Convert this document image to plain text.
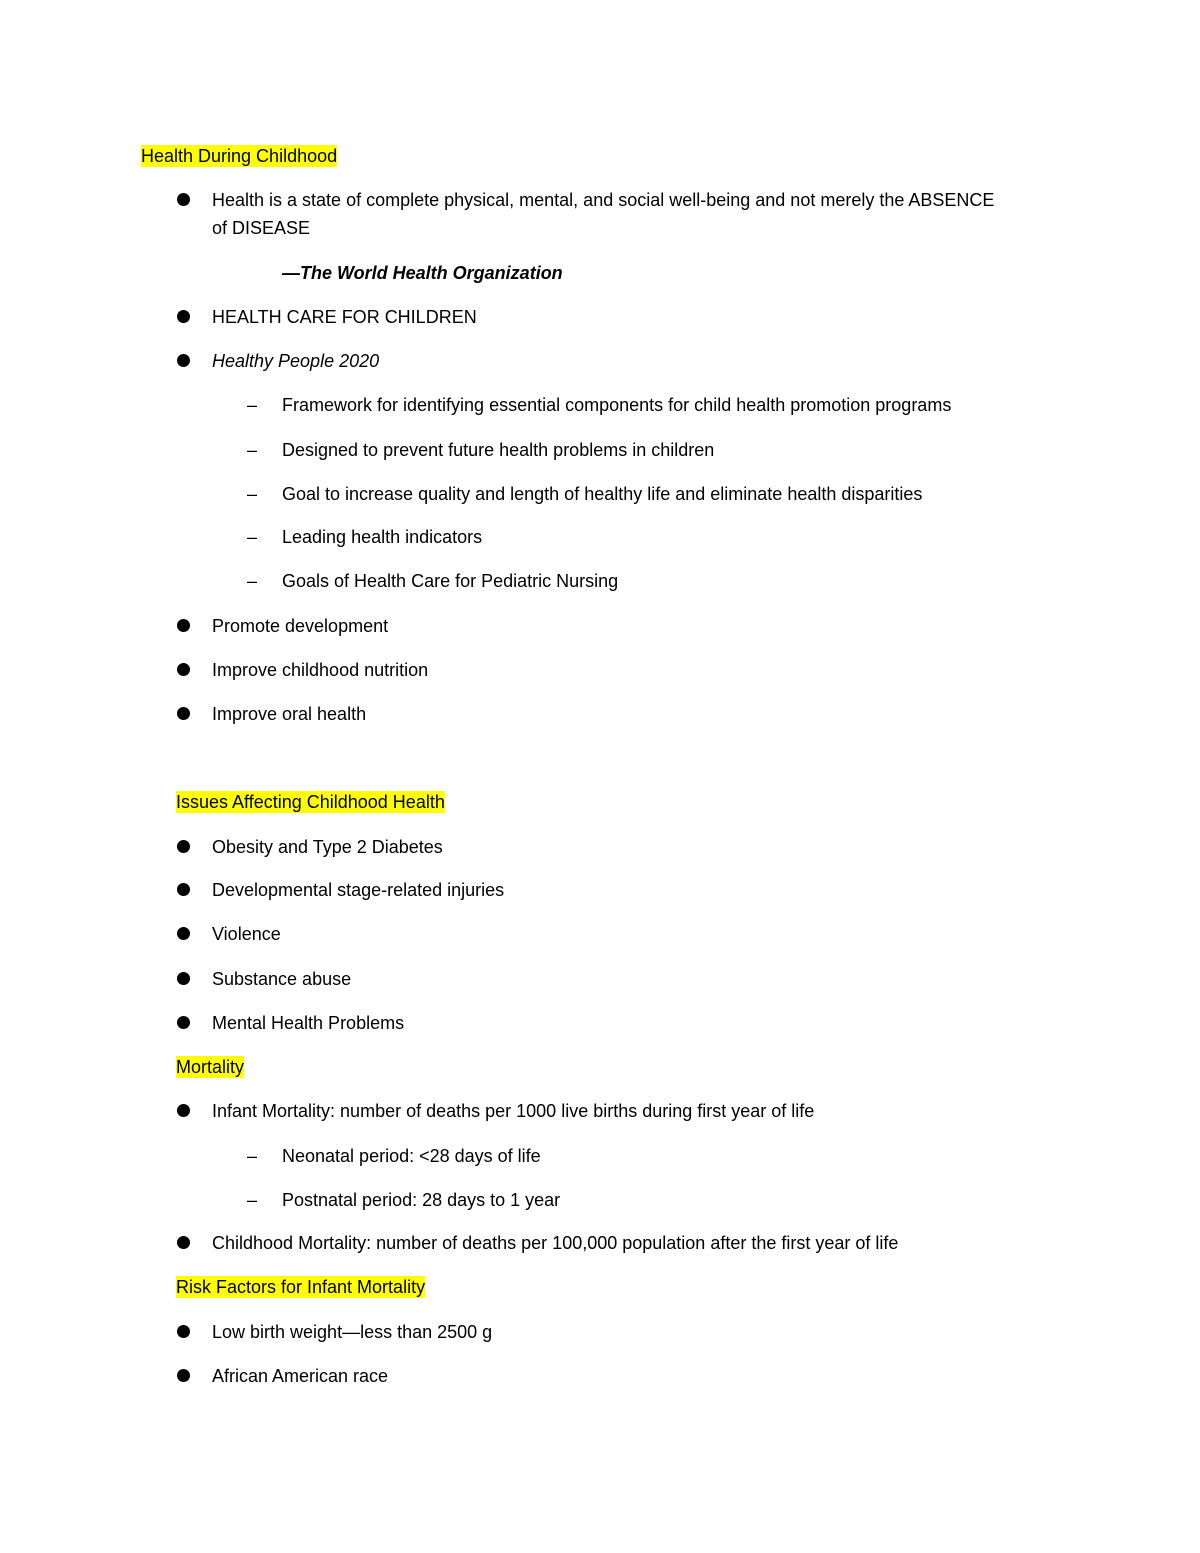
Health During Childhood
Health is a state of complete physical, mental, and social well-being and not merely the ABSENCE
of DISEASE
—The World Health Organization
HEALTH CARE FOR CHILDREN
Healthy People 2020
– Framework for identifying essential components for child health promotion programs
– Designed to prevent future health problems in children
– Goal to increase quality and length of healthy life and eliminate health disparities
– Leading health indicators
– Goals of Health Care for Pediatric Nursing
Promote development
Improve childhood nutrition
Improve oral health
Issues Affecting Childhood Health
Obesity and Type 2 Diabetes
Developmental stage-related injuries
Violence
Substance abuse
Mental Health Problems
Mortality
Infant Mortality: number of deaths per 1000 live births during first year of life
– Neonatal period: <28 days of life
– Postnatal period: 28 days to 1 year
Childhood Mortality: number of deaths per 100,000 population after the first year of life
Risk Factors for Infant Mortality
Low birth weight—less than 2500 g
African American race
